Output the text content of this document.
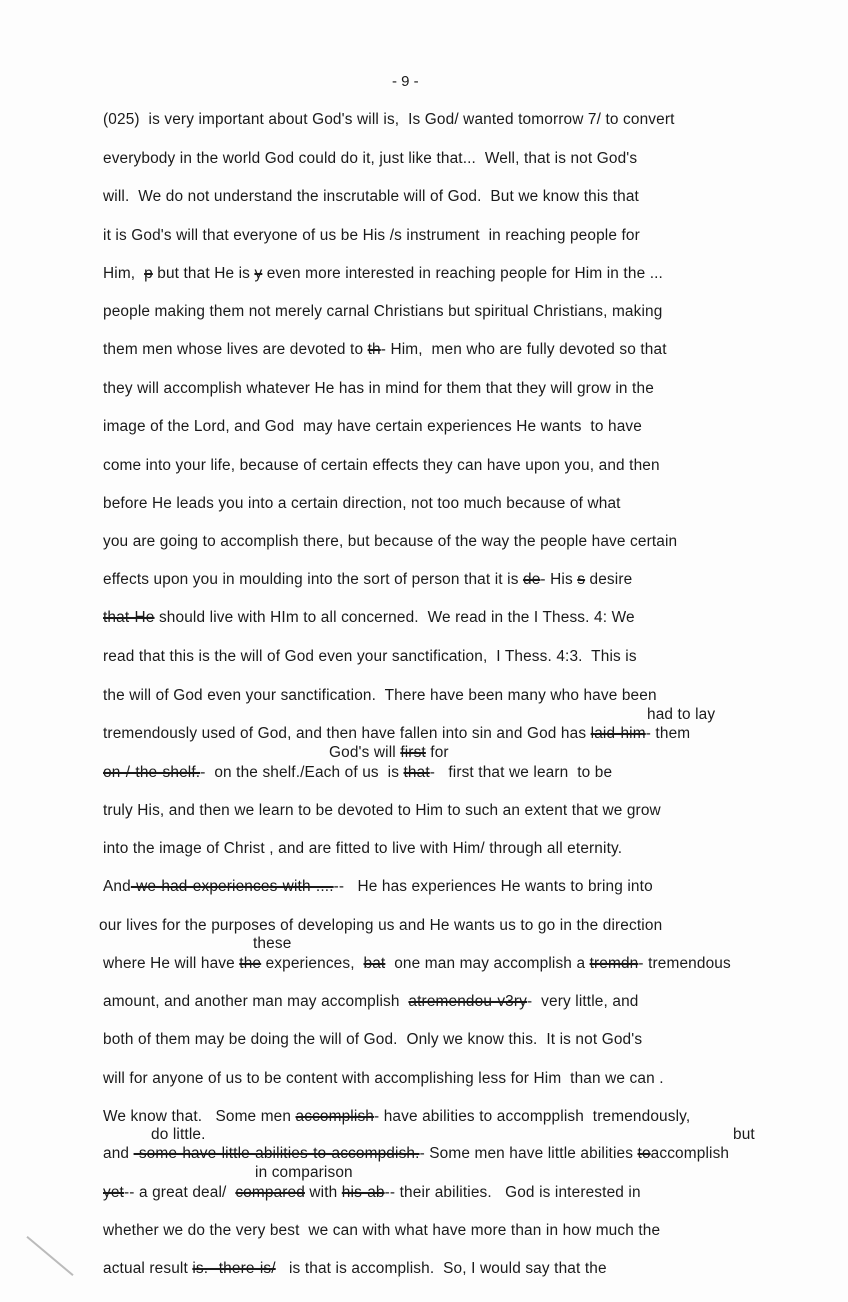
- 9 -
(025)  is very important about God's will is,  Is God/ wanted tomorrow 7/ to convert
everybody in the world God could do it, just like that...  Well, that is not God's
will.  We do not understand the inscrutable will of God.  But we know this that
it is God's will that everyone of us be His /s instrument  in reaching people for
Him,  p but that He is y even more interested in reaching people for Him in the ...
people making them not merely carnal Christians but spiritual Christians, making
them men whose lives are devoted to th- Him,  men who are fully devoted so that
they will accomplish whatever He has in mind for them that they will grow in the
image of the Lord, and God  may have certain experiences He wants  to have
come into your life, because of certain effects they can have upon you, and then
before He leads you into a certain direction, not too much because of what
you are going to accomplish there, but because of the way the people have certain
effects upon you in moulding into the sort of person that it is de- His s desire
that-He should live with HIm to all concerned.  We read in the I Thess. 4: We
read that this is the will of God even your sanctification,  I Thess. 4:3.  This is
the will of God even your sanctification.  There have been many who have been
tremendously used of God, and then have fallen into sin and God has laid-him- them
on-/-the-shelf.-  on the shelf./Each of us  is that-   first that we learn  to be
truly His, and then we learn to be devoted to Him to such an extent that we grow
into the image of Christ , and are fitted to live with Him/ through all eternity.
And-we-had-experiences-with-....--   He has experiences He wants to bring into
our lives for the purposes of developing us and He wants us to go in the direction
where He will have the experiences,  bat  one man may accomplish a tremdn- tremendous
amount, and another man may accomplish  atremendou-v3ry-  very little, and
both of them may be doing the will of God.  Only we know this.  It is not God's
will for anyone of us to be content with accomplishing less for Him  than we can .
We know that.   Some men accomplish- have abilities to accompplish  tremendously,
and -some-have-little-abilities-to-accompdish.- Some men have little abilities toaccomplish
yet-- a great deal/  compared with his-ab-- their abilities.   God is interested in
whether we do the very best  we can with what have more than in how much the
actual result is.--there-is/   is that is accomplish.  So, I would say that the
had to lay
God's will first for
these
do little.	but
in comparison
